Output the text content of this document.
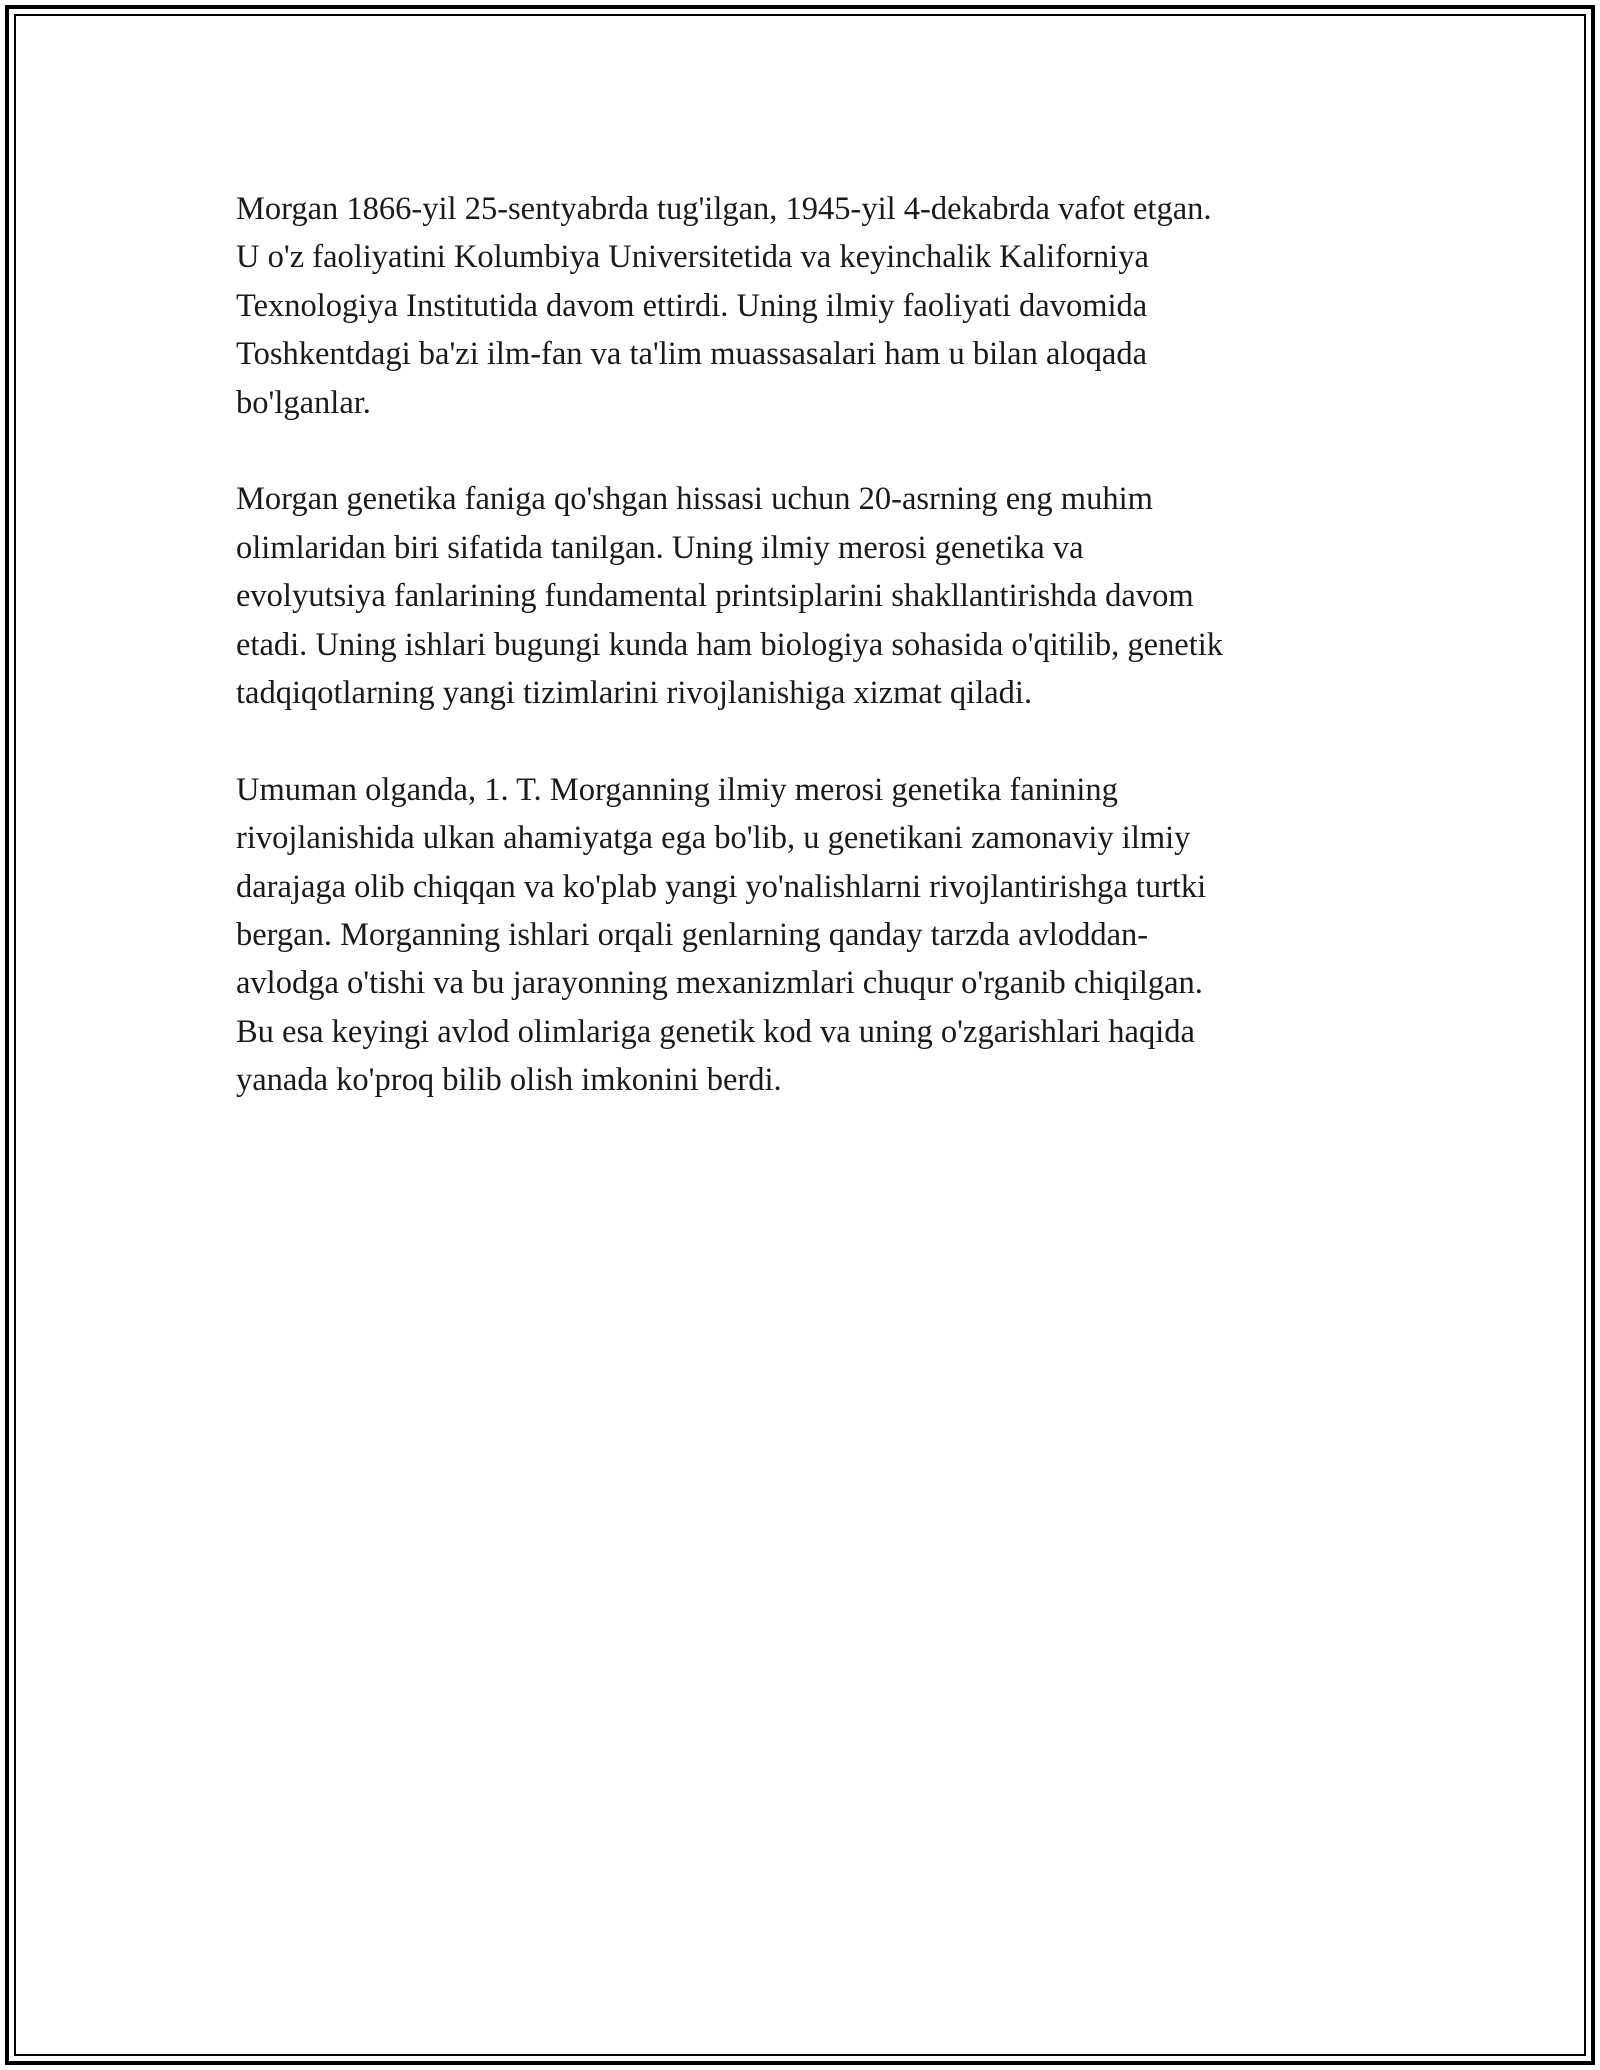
Morgan 1866-yil 25-sentyabrda tug'ilgan, 1945-yil 4-dekabrda vafot etgan.
U o'z faoliyatini Kolumbiya Universitetida va keyinchalik Kaliforniya
Texnologiya Institutida davom ettirdi. Uning ilmiy faoliyati davomida
Toshkentdagi ba'zi ilm-fan va ta'lim muassasalari ham u bilan aloqada
bo'lganlar.

Morgan genetika faniga qo'shgan hissasi uchun 20-asrning eng muhim
olimlaridan biri sifatida tanilgan. Uning ilmiy merosi genetika va
evolyutsiya fanlarining fundamental printsiplarini shakllantirishda davom
etadi. Uning ishlari bugungi kunda ham biologiya sohasida o'qitilib, genetik
tadqiqotlarning yangi tizimlarini rivojlanishiga xizmat qiladi.

Umuman olganda, 1. T. Morganning ilmiy merosi genetika fanining
rivojlanishida ulkan ahamiyatga ega bo'lib, u genetikani zamonaviy ilmiy
darajaga olib chiqqan va ko'plab yangi yo'nalishlarni rivojlantirishga turtki
bergan. Morganning ishlari orqali genlarning qanday tarzda avloddan-
avlodga o'tishi va bu jarayonning mexanizmlari chuqur o'rganib chiqilgan.
Bu esa keyingi avlod olimlariga genetik kod va uning o'zgarishlari haqida
yanada ko'proq bilib olish imkonini berdi.
